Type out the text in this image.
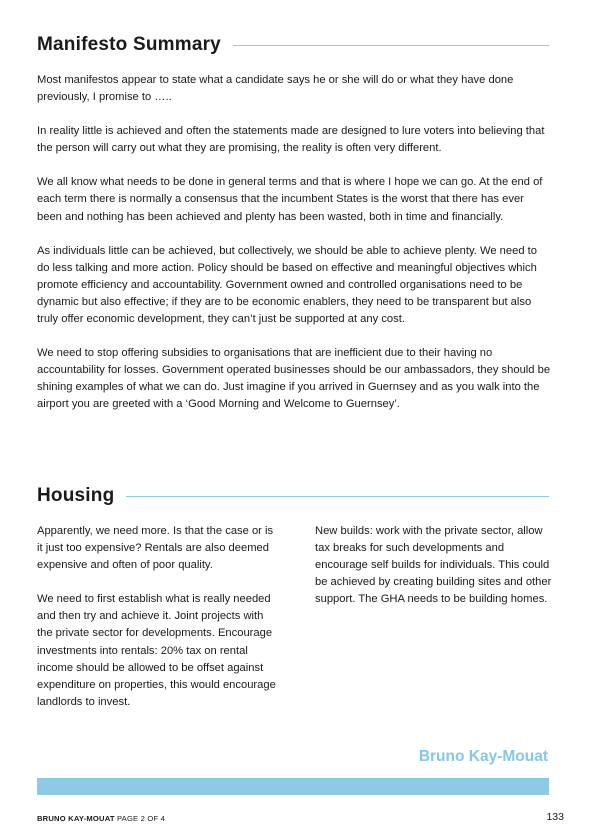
Manifesto Summary

Most manifestos appear to state what a candidate says he or she will do or what they have done previously, I promise to …..

In reality little is achieved and often the statements made are designed to lure voters into believing that the person will carry out what they are promising, the reality is often very different.

We all know what needs to be done in general terms and that is where I hope we can go. At the end of each term there is normally a consensus that the incumbent States is the worst that there has ever been and nothing has been achieved and plenty has been wasted, both in time and financially.

As individuals little can be achieved, but collectively, we should be able to achieve plenty. We need to do less talking and more action. Policy should be based on effective and meaningful objectives which promote efficiency and accountability. Government owned and controlled organisations need to be dynamic but also effective; if they are to be economic enablers, they need to be transparent but also truly offer economic development, they can’t just be supported at any cost.

We need to stop offering subsidies to organisations that are inefficient due to their having no accountability for losses. Government operated businesses should be our ambassadors, they should be shining examples of what we can do. Just imagine if you arrived in Guernsey and as you walk into the airport you are greeted with a ‘Good Morning and Welcome to Guernsey’.

Housing

Apparently, we need more. Is that the case or is it just too expensive? Rentals are also deemed expensive and often of poor quality.

We need to first establish what is really needed and then try and achieve it. Joint projects with the private sector for developments. Encourage investments into rentals: 20% tax on rental income should be allowed to be offset against expenditure on properties, this would encourage landlords to invest.

New builds: work with the private sector, allow tax breaks for such developments and encourage self builds for individuals. This could be achieved by creating building sites and other support. The GHA needs to be building homes.

Bruno Kay-Mouat
BRUNO KAY-MOUAT PAGE 2 OF 4	133
